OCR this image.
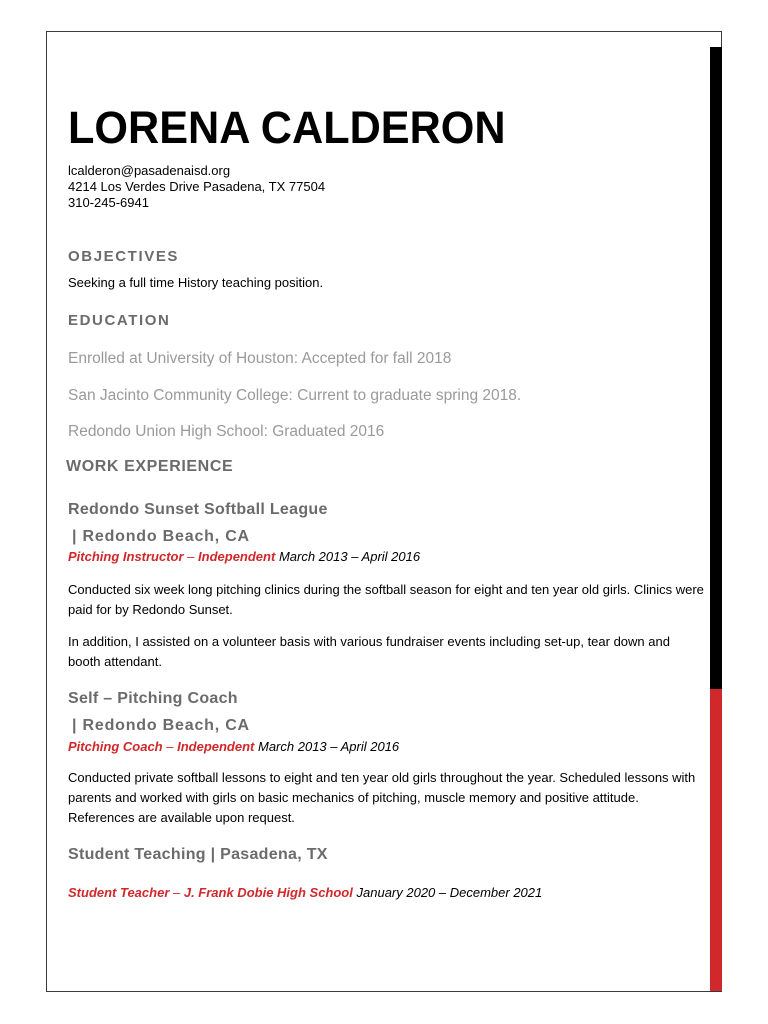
LORENA CALDERON
lcalderon@pasadenaisd.org
4214 Los Verdes Drive Pasadena, TX 77504
310-245-6941
OBJECTIVES
Seeking a full time History teaching position.
EDUCATION
Enrolled at University of Houston: Accepted for fall 2018
San Jacinto Community College: Current to graduate spring 2018.
Redondo Union High School: Graduated 2016
WORK EXPERIENCE
Redondo Sunset Softball League
| Redondo Beach, CA
Pitching Instructor – Independent March 2013 – April 2016
Conducted six week long pitching clinics during the softball season for eight and ten year old girls. Clinics were paid for by Redondo Sunset.
In addition, I assisted on a volunteer basis with various fundraiser events including set-up, tear down and booth attendant.
Self – Pitching Coach
| Redondo Beach, CA
Pitching Coach – Independent March 2013 – April 2016
Conducted private softball lessons to eight and ten year old girls throughout the year. Scheduled lessons with parents and worked with girls on basic mechanics of pitching, muscle memory and positive attitude. References are available upon request.
Student Teaching | Pasadena, TX
Student Teacher – J. Frank Dobie High School January 2020 – December 2021
